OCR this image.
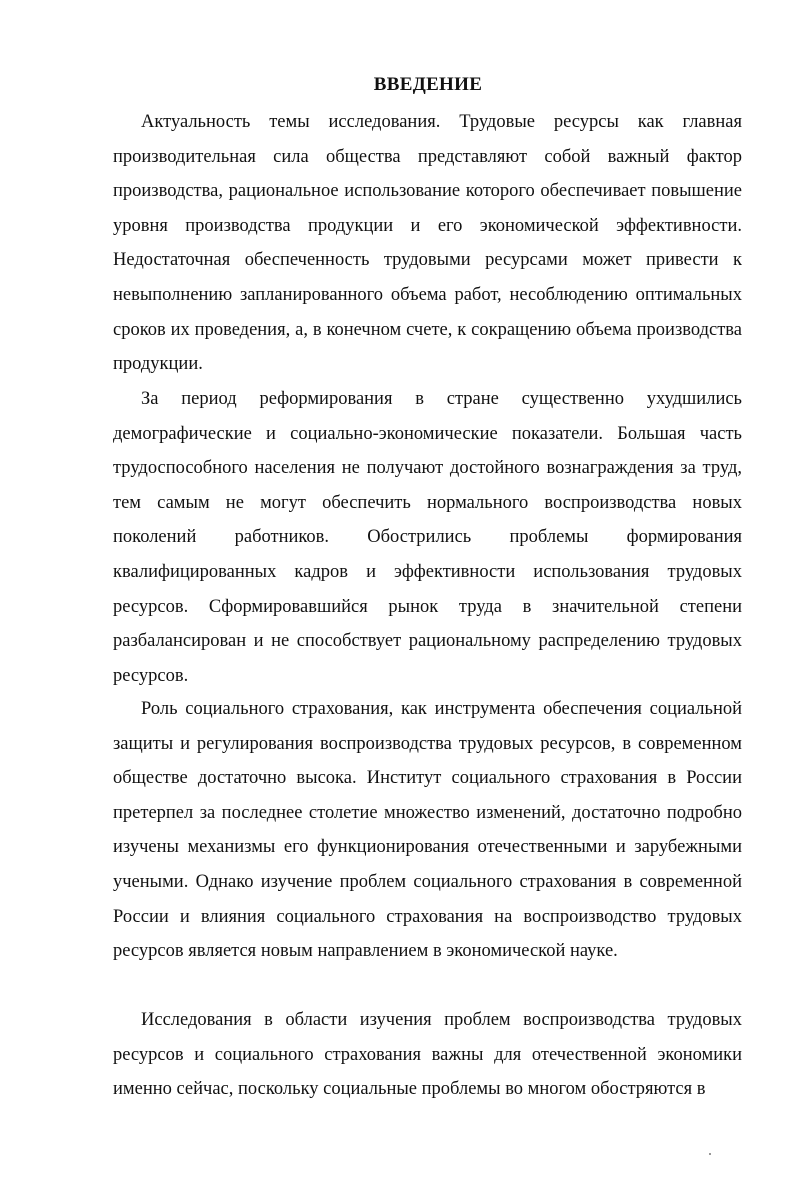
ВВЕДЕНИЕ

Актуальность темы исследования. Трудовые ресурсы как главная производительная сила общества представляют собой важный фактор производства, рациональное использование которого обеспечивает повышение уровня производства продукции и его экономической эффективности. Недостаточная обеспеченность трудовыми ресурсами может привести к невыполнению запланированного объема работ, несоблюдению оптимальных сроков их проведения, а, в конечном счете, к сокращению объема производства продукции.

За период реформирования в стране существенно ухудшились демографические и социально-экономические показатели. Большая часть трудоспособного населения не получают достойного вознаграждения за труд, тем самым не могут обеспечить нормального воспроизводства новых поколений работников. Обострились проблемы формирования квалифицированных кадров и эффективности использования трудовых ресурсов. Сформировавшийся рынок труда в значительной степени разбалансирован и не способствует рациональному распределению трудовых ресурсов.

Роль социального страхования, как инструмента обеспечения социальной защиты и регулирования воспроизводства трудовых ресурсов, в современном обществе достаточно высока. Институт социального страхования в России претерпел за последнее столетие множество изменений, достаточно подробно изучены механизмы его функционирования отечественными и зарубежными учеными. Однако изучение проблем социального страхования в современной России и влияния социального страхования на воспроизводство трудовых ресурсов является новым направлением в экономической науке.

Исследования в области изучения проблем воспроизводства трудовых ресурсов и социального страхования важны для отечественной экономики именно сейчас, поскольку социальные проблемы во многом обостряются в
